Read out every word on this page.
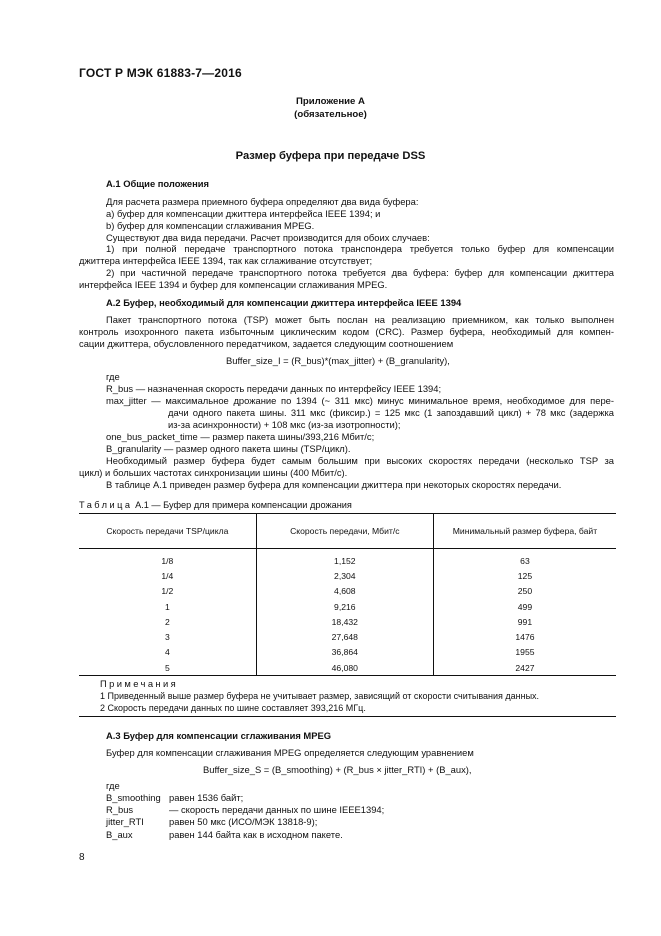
ГОСТ Р МЭК 61883-7—2016
Приложение А
(обязательное)
Размер буфера при передаче DSS
А.1 Общие положения
Для расчета размера приемного буфера определяют два вида буфера:
а) буфер для компенсации джиттера интерфейса IEEE 1394; и
b) буфер для компенсации сглаживания MPEG.
Существуют два вида передачи. Расчет производится для обоих случаев:
1) при полной передаче транспортного потока транспондера требуется только буфер для компенсации
джиттера интерфейса IEEE 1394, так как сглаживание отсутствует;
2) при частичной передаче транспортного потока требуется два буфера: буфер для компенсации джиттера
интерфейса IEEE 1394 и буфер для компенсации сглаживания MPEG.
А.2 Буфер, необходимый для компенсации джиттера интерфейса IEEE 1394
Пакет транспортного потока (TSP) может быть послан на реализацию приемником, как только выполнен
контроль изохронного пакета избыточным циклическим кодом (CRC). Размер буфера, необходимый для компен-
сации джиттера, обусловленного передатчиком, задается следующим соотношением
Buffer_size_I = (R_bus)*(max_jitter) + (B_granularity),
где
R_bus — назначенная скорость передачи данных по интерфейсу IEEE 1394;
max_jitter — максимальное дрожание по 1394 (~ 311 мкс) минус минимальное время, необходимое для пере-
дачи одного пакета шины. 311 мкс (фиксир.) = 125 мкс (1 запоздавший цикл) + 78 мкс (задержка
из-за асинхронности) + 108 мкс (из-за изотропности);
one_bus_packet_time — размер пакета шины/393,216 Мбит/с;
B_granularity — размер одного пакета шины (TSP/цикл).
Необходимый размер буфера будет самым большим при высоких скоростях передачи (несколько TSP за
цикл) и больших частотах синхронизации шины (400 Мбит/с).
В таблице А.1 приведен размер буфера для компенсации джиттера при некоторых скоростях передачи.
Таблица А.1 — Буфер для примера компенсации дрожания
Скорость передачи TSP/цикла	Скорость передачи, Мбит/с	Минимальный размер буфера, байт

1/8	1,152	63
1/4	2,304	125
1/2	4,608	250
1	9,216	499
2	18,432	991
3	27,648	1476
4	36,864	1955
5	46,080	2427
Примечания
1 Приведенный выше размер буфера не учитывает размер, зависящий от скорости считывания данных.
2 Скорость передачи данных по шине составляет 393,216 МГц.
А.3 Буфер для компенсации сглаживания MPEG
Буфер для компенсации сглаживания MPEG определяется следующим уравнением
Buffer_size_S = (B_smoothing) + (R_bus × jitter_RTI) + (B_aux),
где
B_smoothing равен 1536 байт;
R_bus	— скорость передачи данных по шине IEEE1394;
jitter_RTI	равен 50 мкс (ИСО/МЭК 13818-9);
B_aux	равен 144 байта как в исходном пакете.
8
